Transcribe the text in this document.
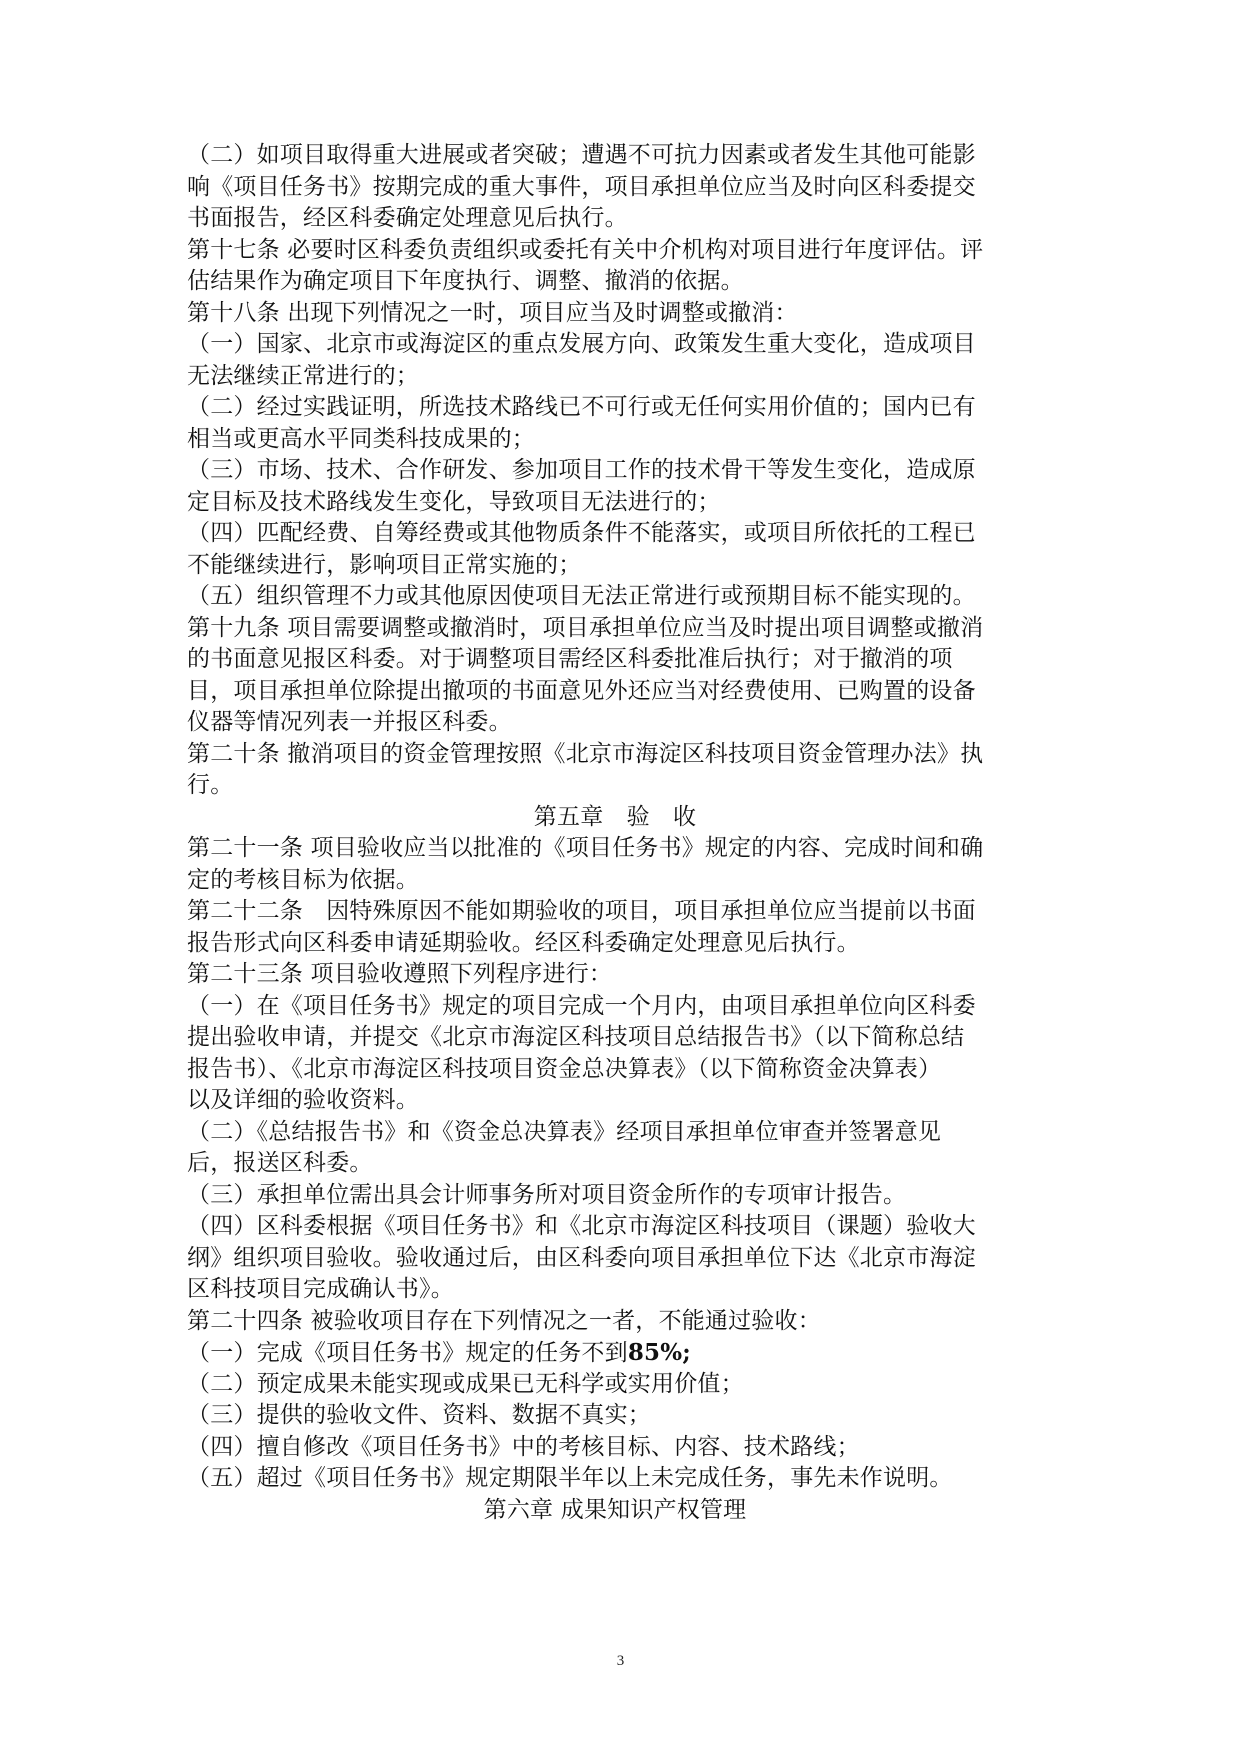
（二）如项目取得重大进展或者突破；遭遇不可抗力因素或者发生其他可能影
响《项目任务书》按期完成的重大事件，项目承担单位应当及时向区科委提交
书面报告，经区科委确定处理意见后执行。
第十七条 必要时区科委负责组织或委托有关中介机构对项目进行年度评估。评
估结果作为确定项目下年度执行、调整、撤消的依据。
第十八条 出现下列情况之一时，项目应当及时调整或撤消：
（一）国家、北京市或海淀区的重点发展方向、政策发生重大变化，造成项目
无法继续正常进行的；
（二）经过实践证明，所选技术路线已不可行或无任何实用价值的；国内已有
相当或更高水平同类科技成果的；
（三）市场、技术、合作研发、参加项目工作的技术骨干等发生变化，造成原
定目标及技术路线发生变化，导致项目无法进行的；
（四）匹配经费、自筹经费或其他物质条件不能落实，或项目所依托的工程已
不能继续进行，影响项目正常实施的；
（五）组织管理不力或其他原因使项目无法正常进行或预期目标不能实现的。
第十九条 项目需要调整或撤消时，项目承担单位应当及时提出项目调整或撤消
的书面意见报区科委。对于调整项目需经区科委批准后执行；对于撤消的项
目，项目承担单位除提出撤项的书面意见外还应当对经费使用、已购置的设备
仪器等情况列表一并报区科委。
第二十条 撤消项目的资金管理按照《北京市海淀区科技项目资金管理办法》执
行。
第五章　验　收
第二十一条 项目验收应当以批准的《项目任务书》规定的内容、完成时间和确
定的考核目标为依据。
第二十二条　因特殊原因不能如期验收的项目，项目承担单位应当提前以书面
报告形式向区科委申请延期验收。经区科委确定处理意见后执行。
第二十三条 项目验收遵照下列程序进行：
（一）在《项目任务书》规定的项目完成一个月内，由项目承担单位向区科委
提出验收申请，并提交《北京市海淀区科技项目总结报告书》（以下简称总结
报告书）、《北京市海淀区科技项目资金总决算表》（以下简称资金决算表）
以及详细的验收资料。
（二）《总结报告书》和《资金总决算表》经项目承担单位审查并签署意见
后，报送区科委。
（三）承担单位需出具会计师事务所对项目资金所作的专项审计报告。
（四）区科委根据《项目任务书》和《北京市海淀区科技项目（课题）验收大
纲》组织项目验收。验收通过后，由区科委向项目承担单位下达《北京市海淀
区科技项目完成确认书》。
第二十四条 被验收项目存在下列情况之一者，不能通过验收：
（一）完成《项目任务书》规定的任务不到85%;
（二）预定成果未能实现或成果已无科学或实用价值；
（三）提供的验收文件、资料、数据不真实；
（四）擅自修改《项目任务书》中的考核目标、内容、技术路线；
（五）超过《项目任务书》规定期限半年以上未完成任务，事先未作说明。
第六章 成果知识产权管理
3
